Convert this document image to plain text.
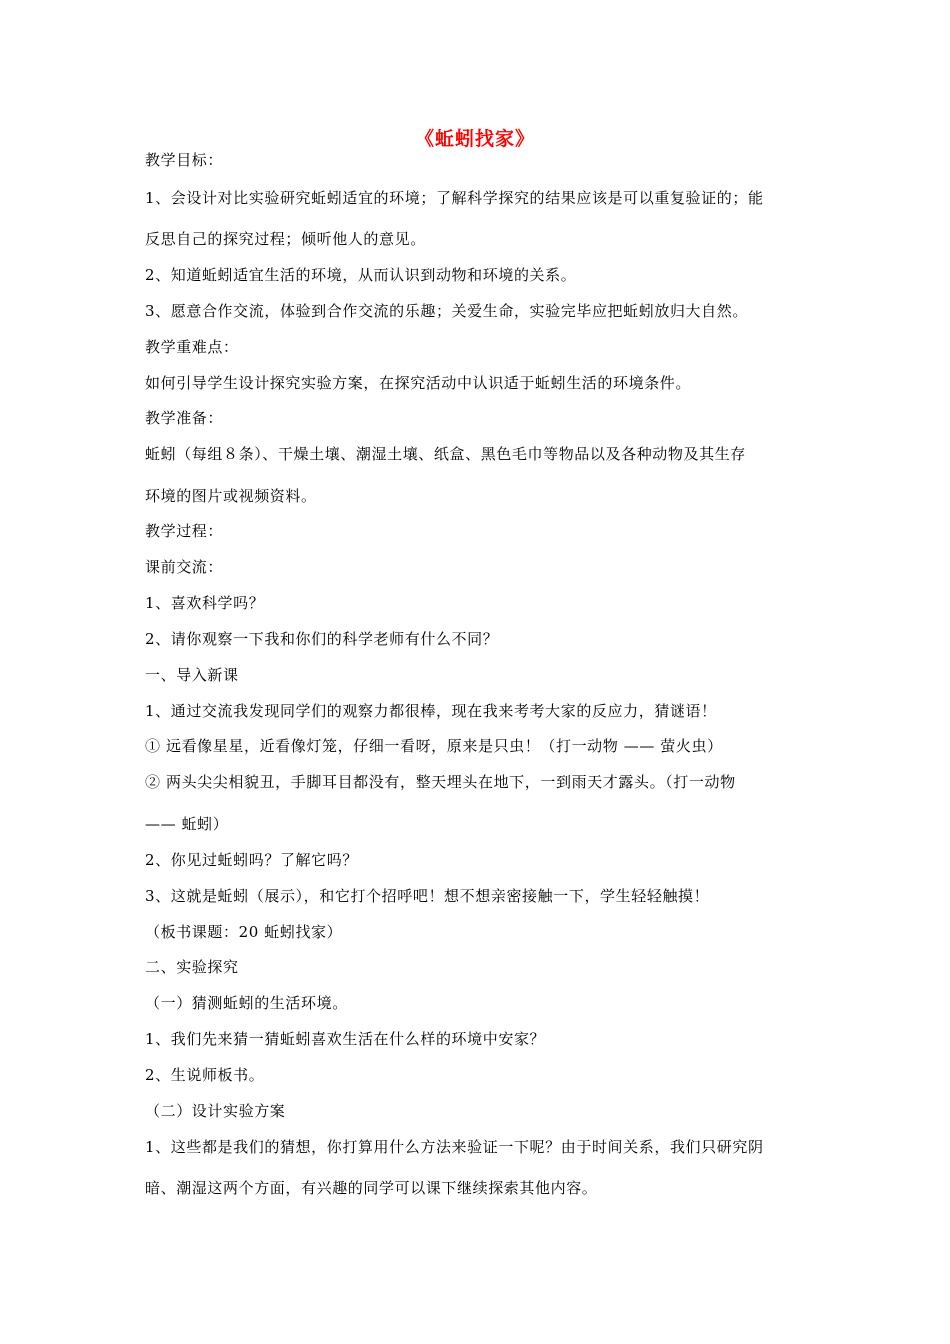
《蚯蚓找家》
教学目标：
1、会设计对比实验研究蚯蚓适宜的环境；了解科学探究的结果应该是可以重复验证的；能
反思自己的探究过程；倾听他人的意见。
2、知道蚯蚓适宜生活的环境，从而认识到动物和环境的关系。
3、愿意合作交流，体验到合作交流的乐趣；关爱生命，实验完毕应把蚯蚓放归大自然。
教学重难点：
如何引导学生设计探究实验方案，在探究活动中认识适于蚯蚓生活的环境条件。
教学准备：
蚯蚓（每组８条）、干燥土壤、潮湿土壤、纸盒、黑色毛巾等物品以及各种动物及其生存
环境的图片或视频资料。
教学过程：
课前交流：
1、喜欢科学吗？
2、请你观察一下我和你们的科学老师有什么不同？
一、导入新课
1、通过交流我发现同学们的观察力都很棒，现在我来考考大家的反应力，猜谜语！
① 远看像星星，近看像灯笼，仔细一看呀，原来是只虫！（打一动物 —— 萤火虫）
② 两头尖尖相貌丑，手脚耳目都没有，整天埋头在地下，一到雨天才露头。（打一动物
—— 蚯蚓）
2、你见过蚯蚓吗？了解它吗？
3、这就是蚯蚓（展示），和它打个招呼吧！想不想亲密接触一下，学生轻轻触摸！
（板书课题：20 蚯蚓找家）
二、实验探究
（一）猜测蚯蚓的生活环境。
1、我们先来猜一猜蚯蚓喜欢生活在什么样的环境中安家？
2、生说师板书。
（二）设计实验方案
1、这些都是我们的猜想，你打算用什么方法来验证一下呢？由于时间关系，我们只研究阴
暗、潮湿这两个方面，有兴趣的同学可以课下继续探索其他内容。
